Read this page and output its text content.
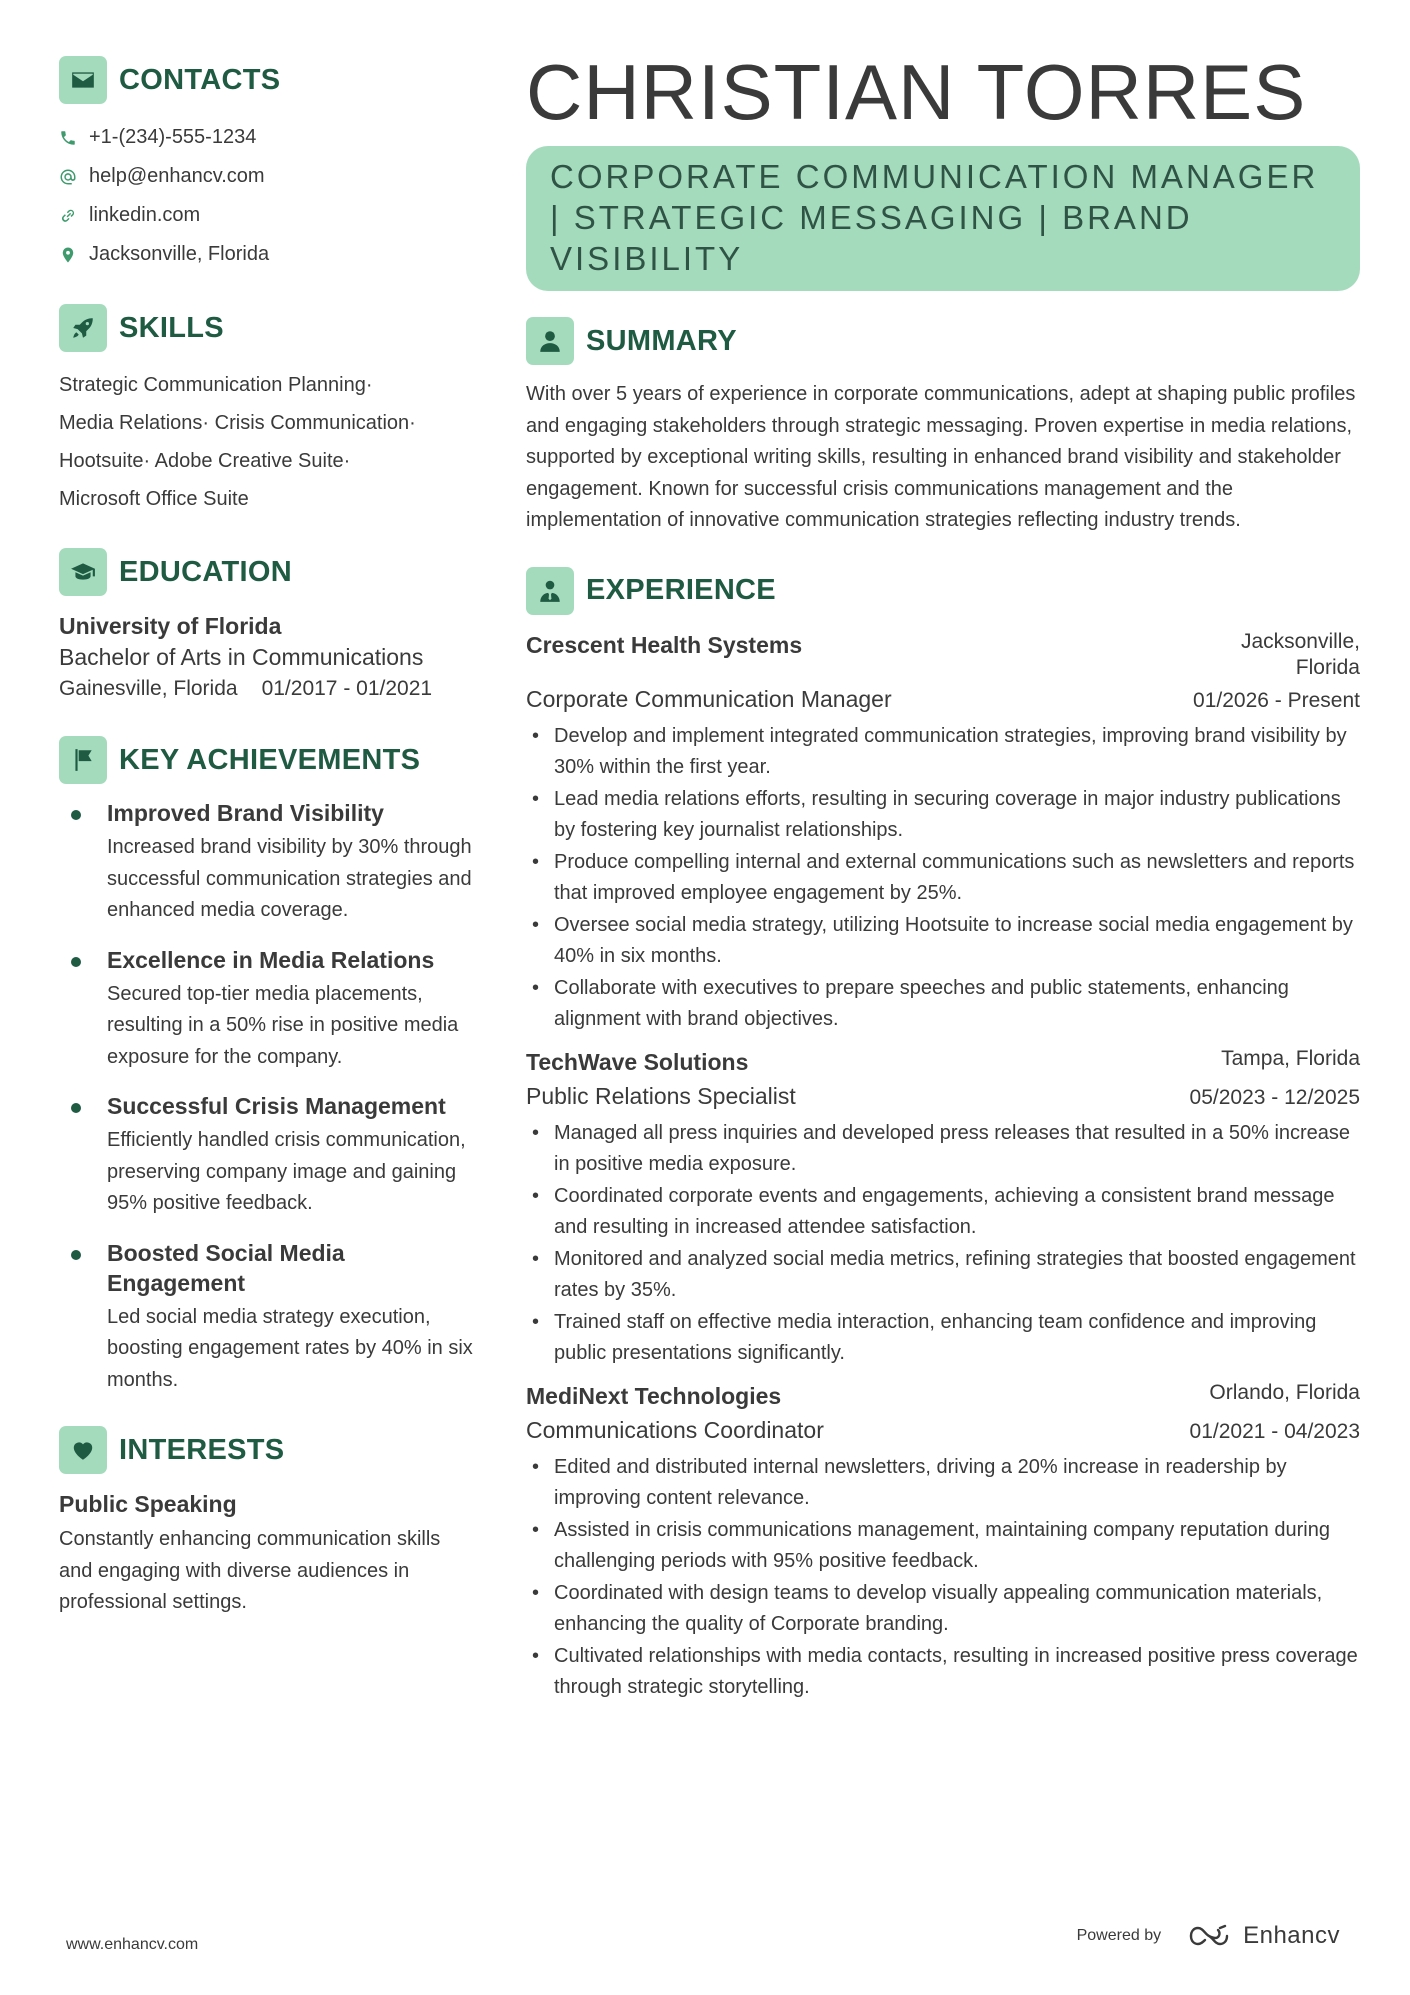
CONTACTS
+1-(234)-555-1234
help@enhancv.com
linkedin.com
Jacksonville, Florida
SKILLS
Strategic Communication Planning·
Media Relations· Crisis Communication·
Hootsuite· Adobe Creative Suite·
Microsoft Office Suite
EDUCATION
University of Florida
Bachelor of Arts in Communications
Gainesville, Florida 01/2017 - 01/2021
KEY ACHIEVEMENTS
Improved Brand Visibility
Increased brand visibility by 30% through successful communication strategies and enhanced media coverage.
Excellence in Media Relations
Secured top-tier media placements, resulting in a 50% rise in positive media exposure for the company.
Successful Crisis Management
Efficiently handled crisis communication, preserving company image and gaining 95% positive feedback.
Boosted Social Media Engagement
Led social media strategy execution, boosting engagement rates by 40% in six months.
INTERESTS
Public Speaking
Constantly enhancing communication skills and engaging with diverse audiences in professional settings.
CHRISTIAN TORRES
CORPORATE COMMUNICATION MANAGER | STRATEGIC MESSAGING | BRAND VISIBILITY
SUMMARY
With over 5 years of experience in corporate communications, adept at shaping public profiles and engaging stakeholders through strategic messaging. Proven expertise in media relations, supported by exceptional writing skills, resulting in enhanced brand visibility and stakeholder engagement. Known for successful crisis communications management and the implementation of innovative communication strategies reflecting industry trends.
EXPERIENCE
Crescent Health Systems	Jacksonville, Florida
Corporate Communication Manager	01/2026 - Present
• Develop and implement integrated communication strategies, improving brand visibility by 30% within the first year.
• Lead media relations efforts, resulting in securing coverage in major industry publications by fostering key journalist relationships.
• Produce compelling internal and external communications such as newsletters and reports that improved employee engagement by 25%.
• Oversee social media strategy, utilizing Hootsuite to increase social media engagement by 40% in six months.
• Collaborate with executives to prepare speeches and public statements, enhancing alignment with brand objectives.
TechWave Solutions	Tampa, Florida
Public Relations Specialist	05/2023 - 12/2025
• Managed all press inquiries and developed press releases that resulted in a 50% increase in positive media exposure.
• Coordinated corporate events and engagements, achieving a consistent brand message and resulting in increased attendee satisfaction.
• Monitored and analyzed social media metrics, refining strategies that boosted engagement rates by 35%.
• Trained staff on effective media interaction, enhancing team confidence and improving public presentations significantly.
MediNext Technologies	Orlando, Florida
Communications Coordinator	01/2021 - 04/2023
• Edited and distributed internal newsletters, driving a 20% increase in readership by improving content relevance.
• Assisted in crisis communications management, maintaining company reputation during challenging periods with 95% positive feedback.
• Coordinated with design teams to develop visually appealing communication materials, enhancing the quality of Corporate branding.
• Cultivated relationships with media contacts, resulting in increased positive press coverage through strategic storytelling.
www.enhancv.com
Powered by	Enhancv
